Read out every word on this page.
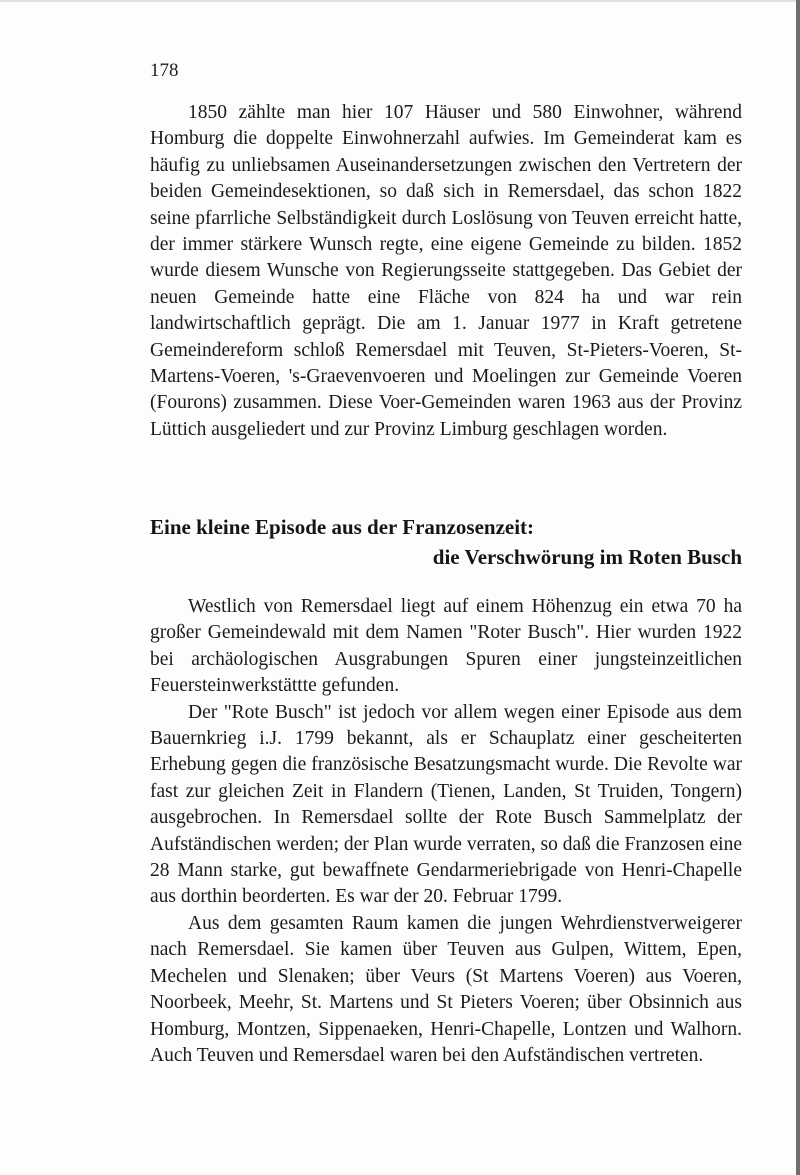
178

1850 zählte man hier 107 Häuser und 580 Einwohner, während Homburg die doppelte Einwohnerzahl aufwies. Im Gemeinderat kam es häufig zu unliebsamen Auseinandersetzungen zwischen den Vertretern der beiden Gemeindesektionen, so daß sich in Remersdael, das schon 1822 seine pfarrliche Selbständigkeit durch Loslösung von Teuven erreicht hatte, der immer stärkere Wunsch regte, eine eigene Gemeinde zu bilden. 1852 wurde diesem Wunsche von Regierungsseite stattgegeben. Das Gebiet der neuen Gemeinde hatte eine Fläche von 824 ha und war rein landwirtschaftlich geprägt. Die am 1. Januar 1977 in Kraft getretene Gemeindereform schloß Remersdael mit Teuven, St-Pieters-Voeren, St-Martens-Voeren, 's-Graevenvoeren und Moelingen zur Gemeinde Voeren (Fourons) zusammen. Diese Voer-Gemeinden waren 1963 aus der Provinz Lüttich ausgeliedert und zur Provinz Limburg geschlagen worden.

Eine kleine Episode aus der Franzosenzeit:
die Verschwörung im Roten Busch

Westlich von Remersdael liegt auf einem Höhenzug ein etwa 70 ha großer Gemeindewald mit dem Namen "Roter Busch". Hier wurden 1922 bei archäologischen Ausgrabungen Spuren einer jungsteinzeitlichen Feuersteinwerkstättte gefunden.

Der "Rote Busch" ist jedoch vor allem wegen einer Episode aus dem Bauernkrieg i.J. 1799 bekannt, als er Schauplatz einer gescheiterten Erhebung gegen die französische Besatzungsmacht wurde. Die Revolte war fast zur gleichen Zeit in Flandern (Tienen, Landen, St Truiden, Tongern) ausgebrochen. In Remersdael sollte der Rote Busch Sammelplatz der Aufständischen werden; der Plan wurde verraten, so daß die Franzosen eine 28 Mann starke, gut bewaffnete Gendarmeriebrigade von Henri-Chapelle aus dorthin beorderten. Es war der 20. Februar 1799.

Aus dem gesamten Raum kamen die jungen Wehrdienstverweigerer nach Remersdael. Sie kamen über Teuven aus Gulpen, Wittem, Epen, Mechelen und Slenaken; über Veurs (St Martens Voeren) aus Voeren, Noorbeek, Meehr, St. Martens und St Pieters Voeren; über Obsinnich aus Homburg, Montzen, Sippenaeken, Henri-Chapelle, Lontzen und Walhorn. Auch Teuven und Remersdael waren bei den Aufständischen vertreten.
